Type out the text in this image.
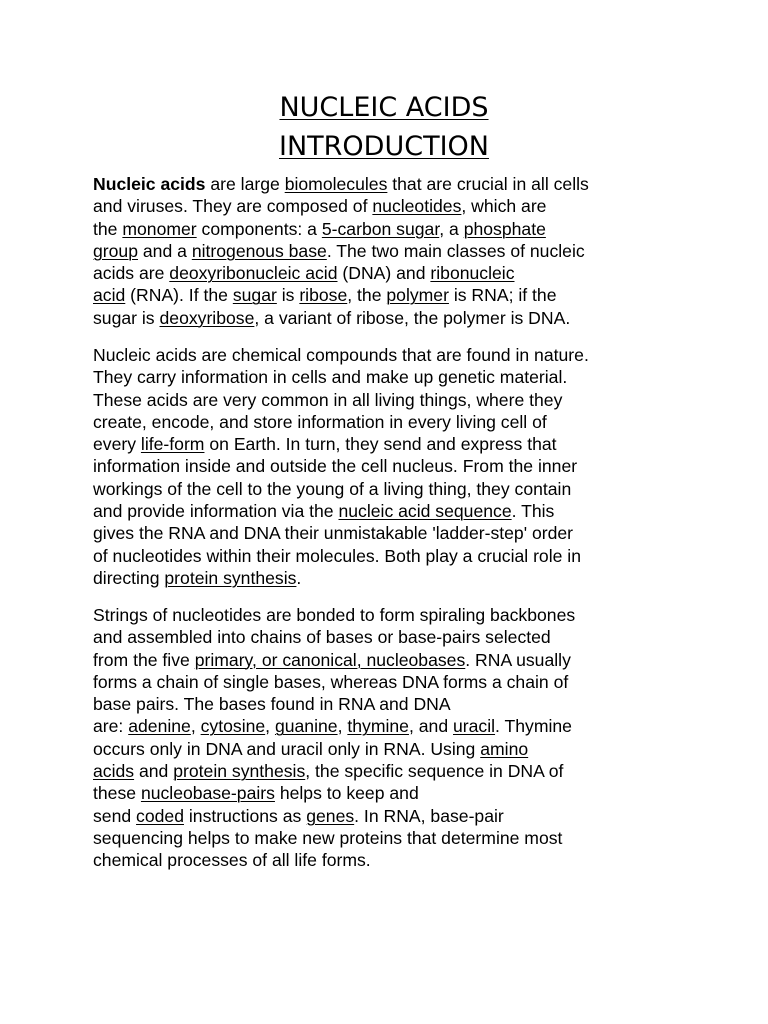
NUCLEIC ACIDS
INTRODUCTION

Nucleic acids are large biomolecules that are crucial in all cells
and viruses. They are composed of nucleotides, which are
the monomer components: a 5-carbon sugar, a phosphate
group and a nitrogenous base. The two main classes of nucleic
acids are deoxyribonucleic acid (DNA) and ribonucleic
acid (RNA). If the sugar is ribose, the polymer is RNA; if the
sugar is deoxyribose, a variant of ribose, the polymer is DNA.

Nucleic acids are chemical compounds that are found in nature.
They carry information in cells and make up genetic material.
These acids are very common in all living things, where they
create, encode, and store information in every living cell of
every life-form on Earth. In turn, they send and express that
information inside and outside the cell nucleus. From the inner
workings of the cell to the young of a living thing, they contain
and provide information via the nucleic acid sequence. This
gives the RNA and DNA their unmistakable 'ladder-step' order
of nucleotides within their molecules. Both play a crucial role in
directing protein synthesis.

Strings of nucleotides are bonded to form spiraling backbones
and assembled into chains of bases or base-pairs selected
from the five primary, or canonical, nucleobases. RNA usually
forms a chain of single bases, whereas DNA forms a chain of
base pairs. The bases found in RNA and DNA
are: adenine, cytosine, guanine, thymine, and uracil. Thymine
occurs only in DNA and uracil only in RNA. Using amino
acids and protein synthesis, the specific sequence in DNA of
these nucleobase-pairs helps to keep and
send coded instructions as genes. In RNA, base-pair
sequencing helps to make new proteins that determine most
chemical processes of all life forms.
